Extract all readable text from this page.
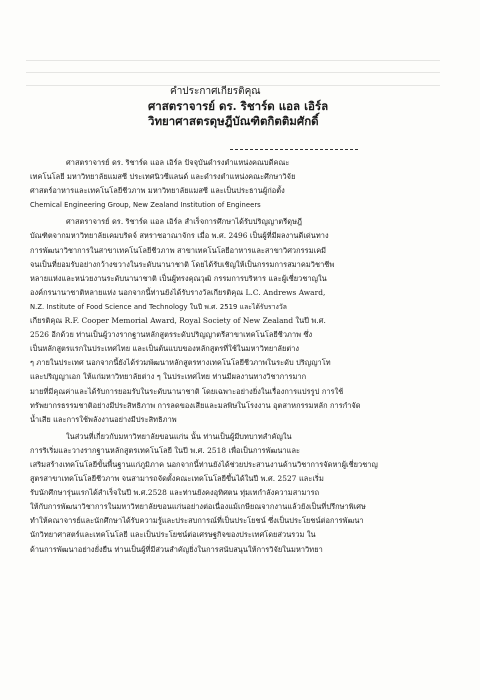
คำประกาศเกียรติคุณ
ศาสตราจารย์ ดร. ริชาร์ด แอล เอิร์ล
วิทยาศาสตรดุษฎีบัณฑิตกิตติมศักดิ์
ศาสตราจารย์ ดร. ริชาร์ด แอล เอิร์ล ปัจจุบันดำรงตำแหน่งคณบดีคณะ
เทคโนโลยี มหาวิทยาลัยแมสซี ประเทศนิวซีแลนด์ และดำรงตำแหน่งคณะศึกษาวิจัย
ศาสตร์อาหารและเทคโนโลยีชีวภาพ มหาวิทยาลัยแมสซี และเป็นประธานผู้ก่อตั้ง
Chemical Engineering Group, New Zealand Institution of Engineers
ศาสตราจารย์ ดร. ริชาร์ด แอล เอิร์ล สำเร็จการศึกษาได้รับปริญญาตรีดุษฎี
บัณฑิตจากมหาวิทยาลัยเคมบริดจ์ สหราชอาณาจักร เมื่อ พ.ศ. 2496 เป็นผู้ที่มีผลงานดีเด่นทาง
การพัฒนาวิชาการในสาขาเทคโนโลยีชีวภาพ สาขาเทคโนโลยีอาหารและสาขาวิศวกรรมเคมี
จนเป็นที่ยอมรับอย่างกว้างขวางในระดับนานาชาติ โดยได้รับเชิญให้เป็นกรรมการสมาคมวิชาชีพ
หลายแห่งและหน่วยงานระดับนานาชาติ เป็นผู้ทรงคุณวุฒิ กรรมการบริหาร และผู้เชี่ยวชาญใน
องค์กรนานาชาติหลายแห่ง นอกจากนี้ท่านยังได้รับรางวัลเกียรติคุณ L.C. Andrews Award,
N.Z. Institute of Food Science and Technology ในปี พ.ศ. 2519 และได้รับรางวัล
เกียรติคุณ R.F. Cooper Memorial Award, Royal Society of New Zealand ในปี พ.ศ.
2526 อีกด้วย ท่านเป็นผู้วางรากฐานหลักสูตรระดับปริญญาตรีสาขาเทคโนโลยีชีวภาพ ซึ่ง
เป็นหลักสูตรแรกในประเทศไทย และเป็นต้นแบบของหลักสูตรที่ใช้ในมหาวิทยาลัยต่าง
ๆ ภายในประเทศ นอกจากนี้ยังได้ร่วมพัฒนาหลักสูตรทางเทคโนโลยีชีวภาพในระดับ ปริญญาโท
และปริญญาเอก ให้แก่มหาวิทยาลัยต่าง ๆ ในประเทศไทย ท่านมีผลงานทางวิชาการมาก
มายที่มีคุณค่าและได้รับการยอมรับในระดับนานาชาติ โดยเฉพาะอย่างยิ่งในเรื่องการแปรรูป การใช้
ทรัพยากรธรรมชาติอย่างมีประสิทธิภาพ การลดของเสียและมลพิษในโรงงาน อุตสาหกรรมหลัก การกำจัด
น้ำเสีย และการใช้พลังงานอย่างมีประสิทธิภาพ
ในส่วนที่เกี่ยวกับมหาวิทยาลัยขอนแก่น นั้น ท่านเป็นผู้มีบทบาทสำคัญใน
การริเริ่มและวางรากฐานหลักสูตรเทคโนโลยี ในปี พ.ศ. 2518 เพื่อเป็นการพัฒนาและ
เสริมสร้างเทคโนโลยีขั้นพื้นฐานแก่ภูมิภาค นอกจากนี้ท่านยังได้ช่วยประสานงานด้านวิชาการจัดหาผู้เชี่ยวชาญ
สูตรสาขาเทคโนโลยีชีวภาพ จนสามารถจัดตั้งคณะเทคโนโลยีขึ้นได้ในปี พ.ศ. 2527 และเริ่ม
รับนักศึกษารุ่นแรกได้สำเร็จในปี พ.ศ.2528 และท่านยังคงอุทิศตน ทุ่มเทกำลังความสามารถ
ให้กับการพัฒนาวิชาการในมหาวิทยาลัยขอนแก่นอย่างต่อเนื่องแม้เกษียณจากงานแล้วยังเป็นที่ปรึกษาพิเศษ
ทำให้คณาจารย์และนักศึกษาได้รับความรู้และประสบการณ์ที่เป็นประโยชน์ ซึ่งเป็นประโยชน์ต่อการพัฒนา
นักวิทยาศาสตร์และเทคโนโลยี และเป็นประโยชน์ต่อเศรษฐกิจของประเทศโดยส่วนรวม ใน
ด้านการพัฒนาอย่างยั่งยืน ท่านเป็นผู้ที่มีส่วนสำคัญยิ่งในการสนับสนุนให้การวิจัยในมหาวิทยา
